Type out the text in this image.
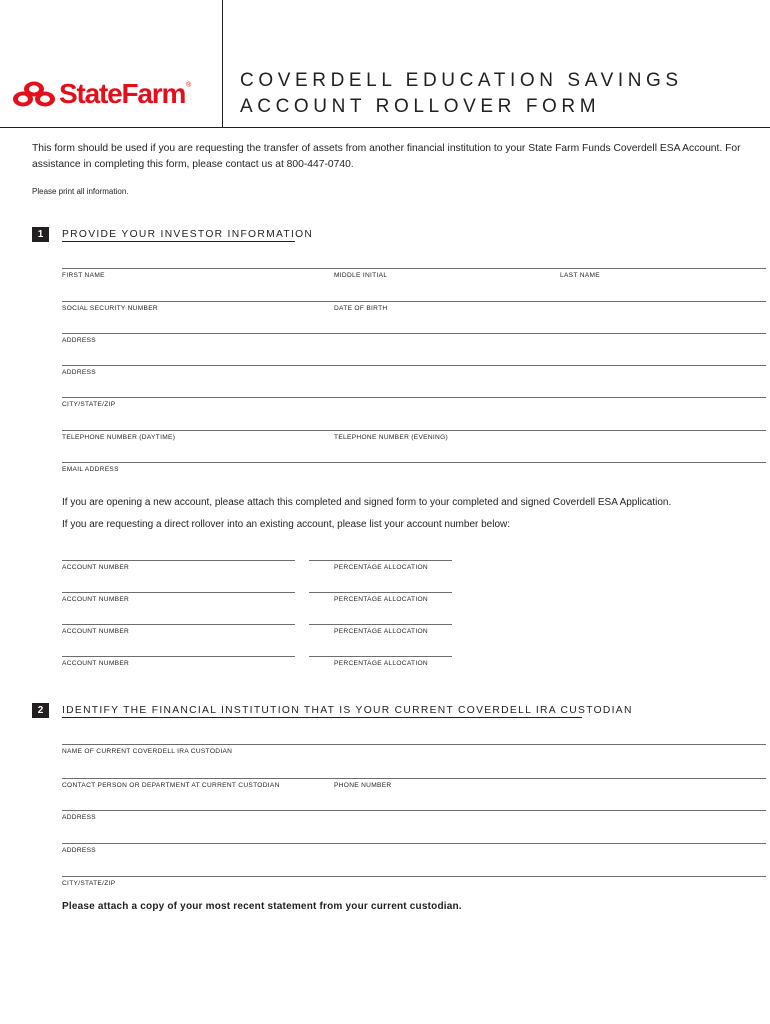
StateFarm ®	COVERDELL EDUCATION SAVINGS
ACCOUNT ROLLOVER FORM
This form should be used if you are requesting the transfer of assets from another financial institution to your State Farm Funds Coverdell ESA Account. For assistance in completing this form, please contact us at 800-447-0740.
Please print all information.
1	PROVIDE YOUR INVESTOR INFORMATION
FIRST NAME	MIDDLE INITIAL	LAST NAME
SOCIAL SECURITY NUMBER	DATE OF BIRTH
ADDRESS
ADDRESS
CITY/STATE/ZIP
TELEPHONE NUMBER (DAYTIME)	TELEPHONE NUMBER (EVENING)
EMAIL ADDRESS
If you are opening a new account, please attach this completed and signed form to your completed and signed Coverdell ESA Application.
If you are requesting a direct rollover into an existing account, please list your account number below:
ACCOUNT NUMBER	PERCENTAGE ALLOCATION
ACCOUNT NUMBER	PERCENTAGE ALLOCATION
ACCOUNT NUMBER	PERCENTAGE ALLOCATION
ACCOUNT NUMBER	PERCENTAGE ALLOCATION
2	IDENTIFY THE FINANCIAL INSTITUTION THAT IS YOUR CURRENT COVERDELL IRA CUSTODIAN
NAME OF CURRENT COVERDELL IRA CUSTODIAN
CONTACT PERSON OR DEPARTMENT AT CURRENT CUSTODIAN	PHONE NUMBER
ADDRESS
ADDRESS
CITY/STATE/ZIP
Please attach a copy of your most recent statement from your current custodian.
